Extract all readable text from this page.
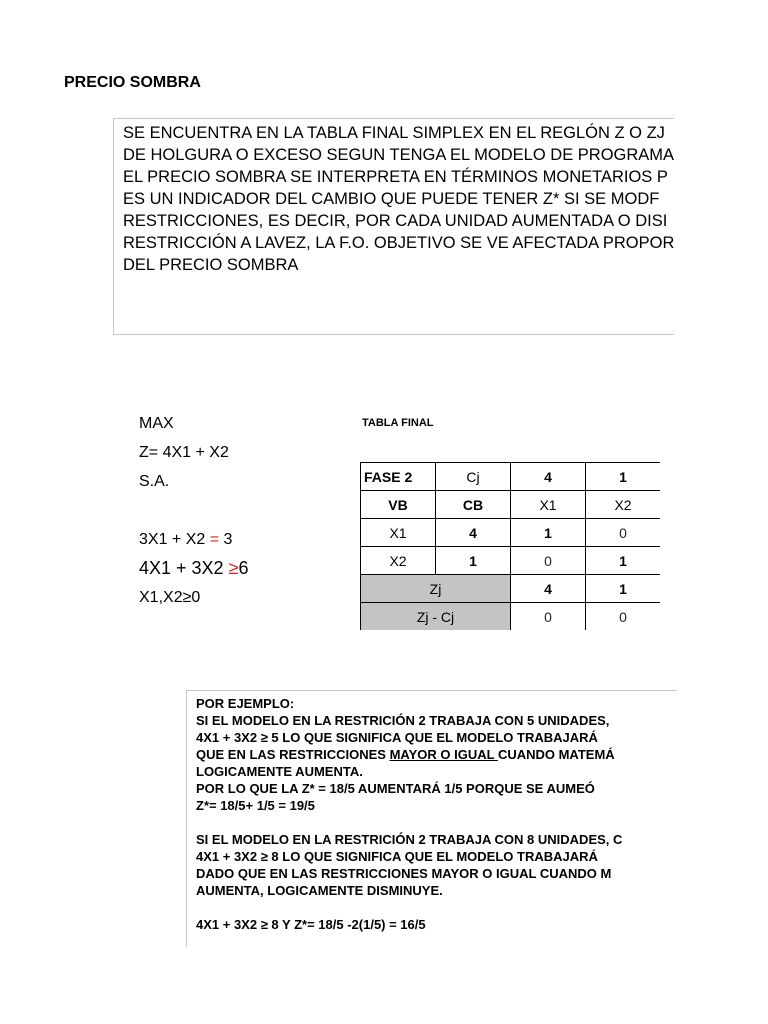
PRECIO SOMBRA
SE ENCUENTRA EN LA TABLA FINAL SIMPLEX EN EL REGLÓN Z O ZJ
DE HOLGURA O EXCESO SEGUN TENGA EL MODELO DE PROGRAMA
EL PRECIO SOMBRA SE INTERPRETA EN TÉRMINOS MONETARIOS P
ES UN INDICADOR DEL CAMBIO QUE PUEDE TENER Z* SI SE MODF
RESTRICCIONES, ES DECIR, POR CADA UNIDAD AUMENTADA O DISI
RESTRICCIÓN A LAVEZ, LA F.O. OBJETIVO SE VE AFECTADA PROPOR
DEL PRECIO SOMBRA
MAX
Z= 4X1 + X2
S.A.
3X1 + X2 = 3
4X1 + 3X2 ≥6
X1,X2≥0
TABLA FINAL
FASE 2	Cj	4	1	
VB	CB	X1	X2	
X1	4	1	0	
X2	1	0	1	
Zj		4	1	
Zj - Cj		0	0	
POR EJEMPLO:
SI EL MODELO EN LA RESTRICIÓN 2 TRABAJA CON 5 UNIDADES,
4X1 + 3X2 ≥ 5 LO QUE SIGNIFICA QUE EL MODELO TRABAJARÁ
QUE EN LAS RESTRICCIONES MAYOR O IGUAL CUANDO MATEMÁ
LOGICAMENTE AUMENTA.
POR LO QUE LA Z* = 18/5 AUMENTARÁ 1/5 PORQUE SE AUMEÓ
Z*= 18/5+ 1/5 = 19/5
SI EL MODELO EN LA RESTRICIÓN 2 TRABAJA CON 8 UNIDADES, C
4X1 + 3X2 ≥ 8 LO QUE SIGNIFICA QUE EL MODELO TRABAJARÁ
DADO QUE EN LAS RESTRICCIONES MAYOR O IGUAL CUANDO M
AUMENTA, LOGICAMENTE DISMINUYE.
4X1 + 3X2 ≥ 8 Y Z*= 18/5 -2(1/5) = 16/5
